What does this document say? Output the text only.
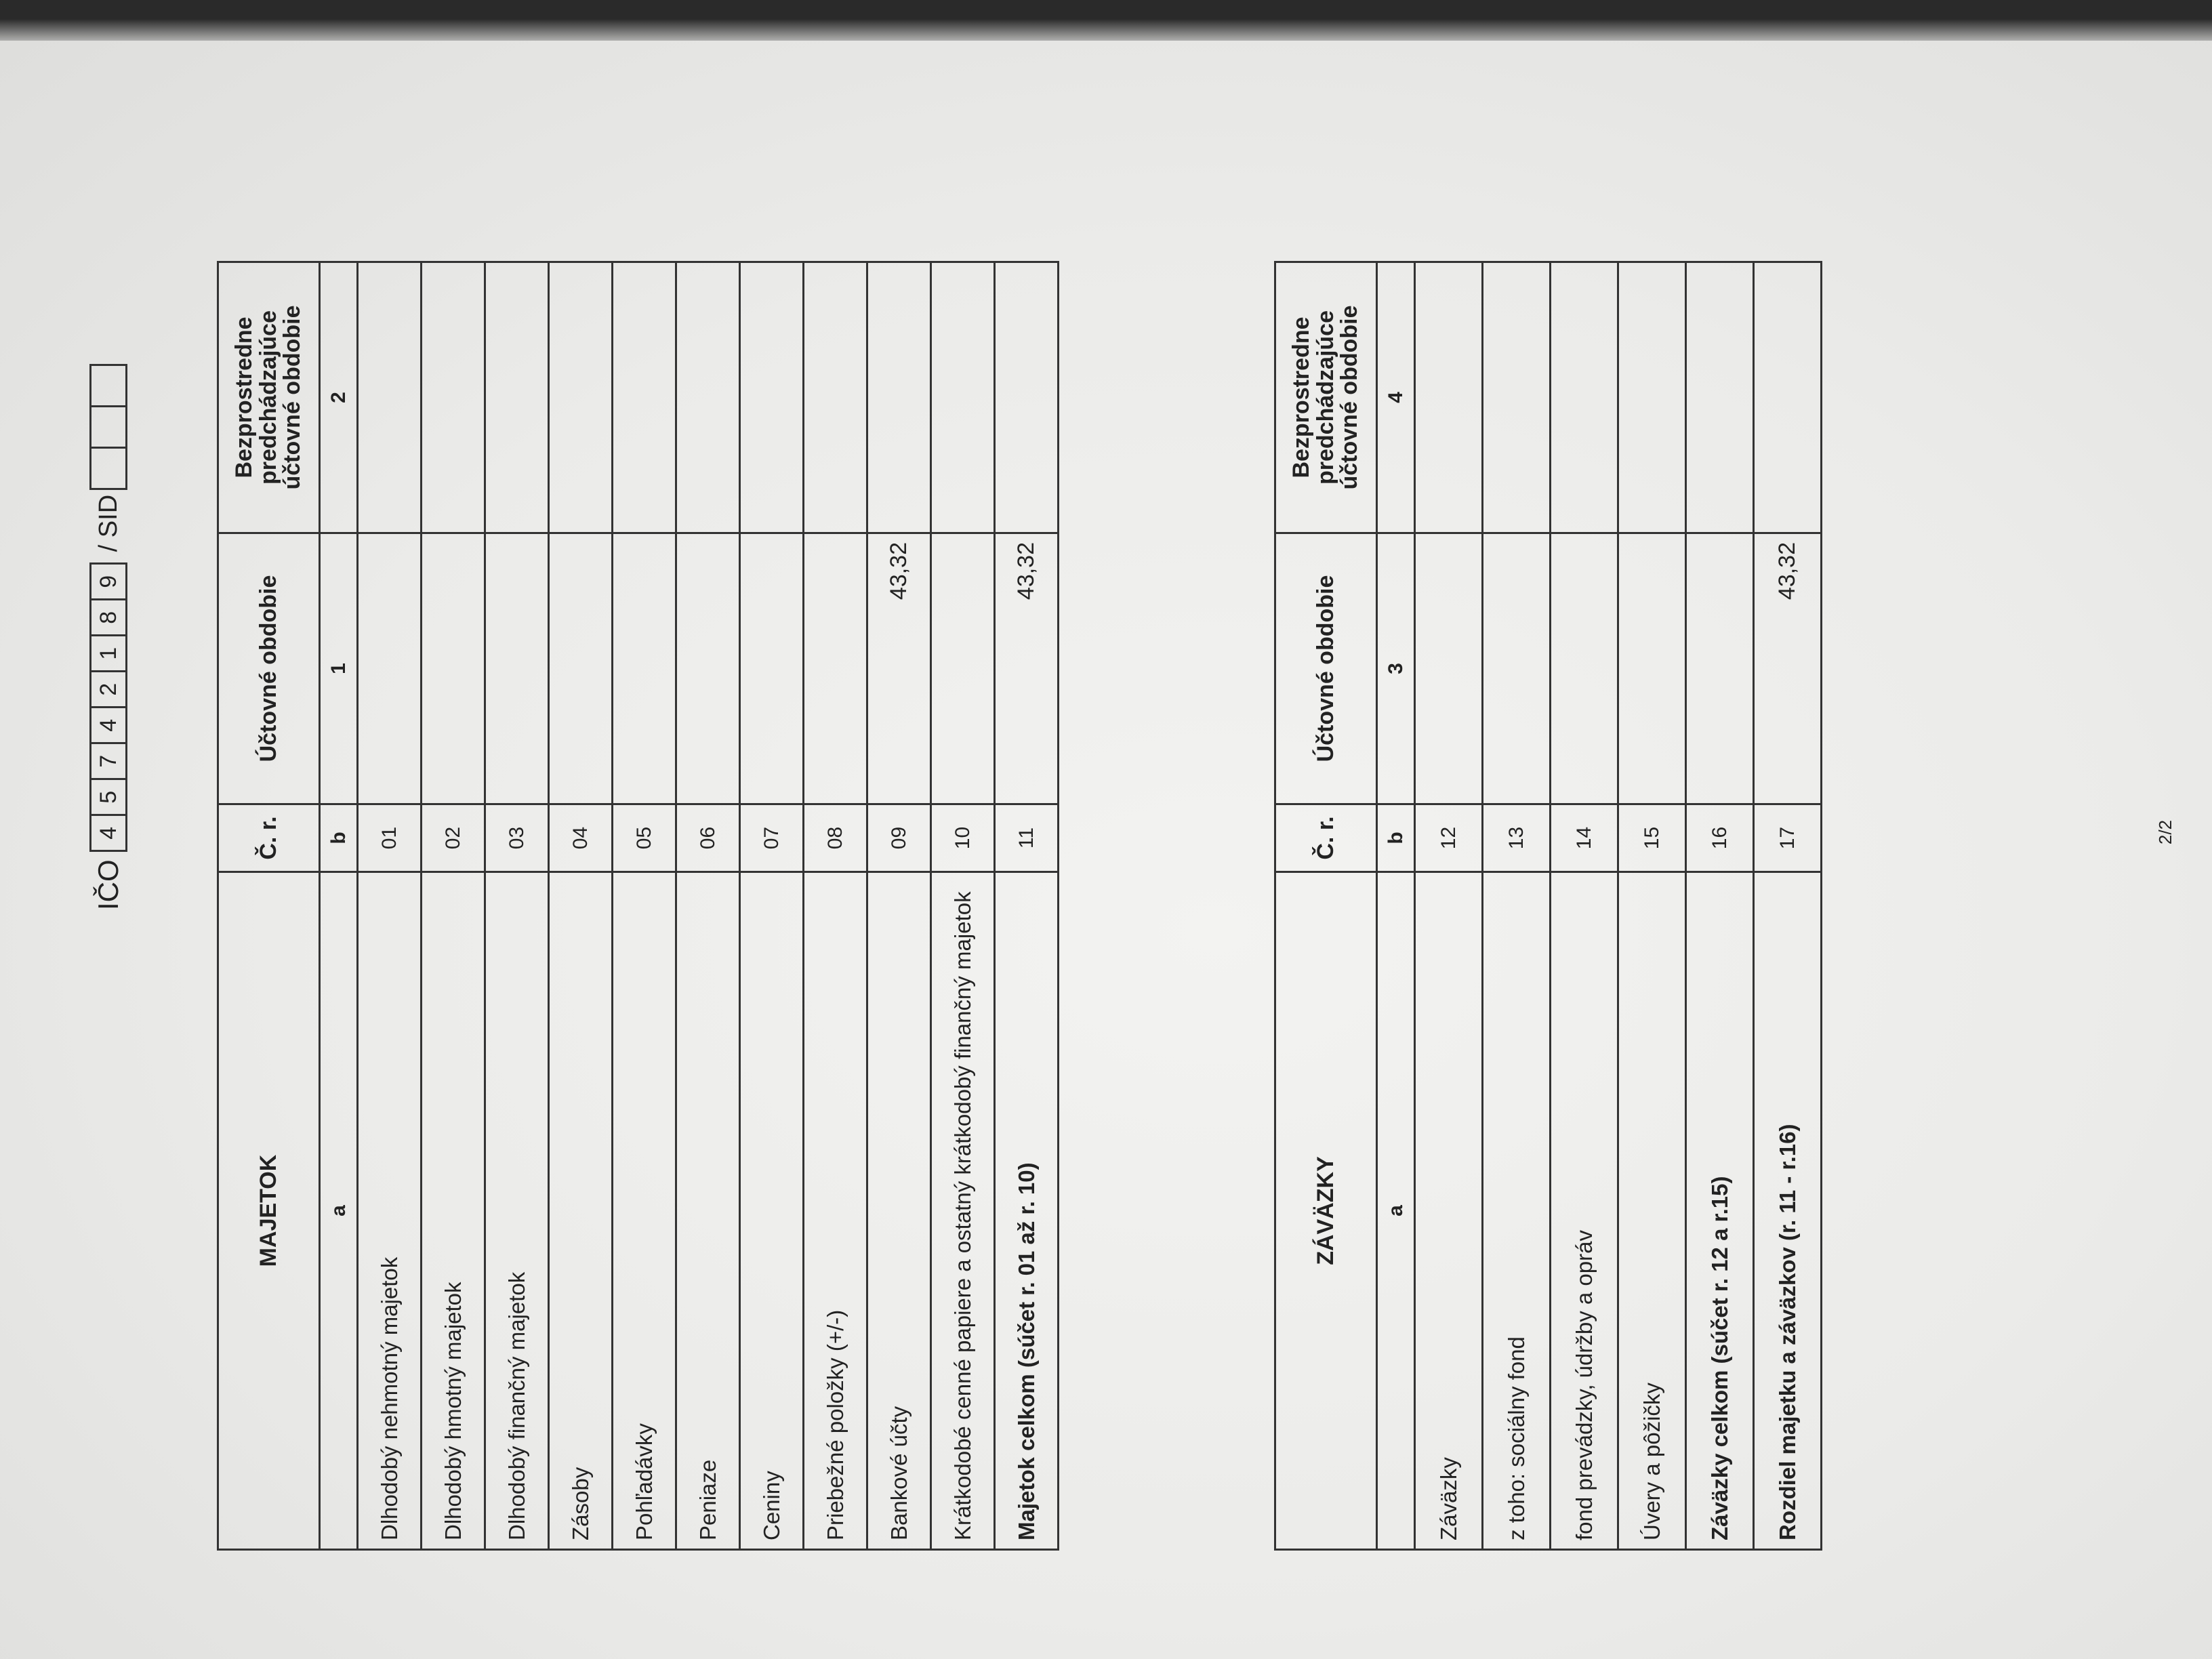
IČO
4
5
7
4
2
1
8
9
/ SID
MAJETOK	Č. r.	Účtovné obdobie	Bezprostredne predchádzajúce účtovné obdobie
a	b	1	2
Dlhodobý nehmotný majetok	01		
Dlhodobý hmotný majetok	02		
Dlhodobý finančný majetok	03		
Zásoby	04		
Pohľadávky	05		
Peniaze	06		
Ceniny	07		
Priebežné položky (+/-)	08		
Bankové účty	09	43,32	
Krátkodobé cenné papiere a ostatný krátkodobý finančný majetok	10		
Majetok celkom (súčet r. 01 až r. 10)	11	43,32	
ZÁVÄZKY	Č. r.	Účtovné obdobie	Bezprostredne predchádzajúce účtovné obdobie
a	b	3	4
Záväzky	12		
z toho: sociálny fond	13		
fond prevádzky, údržby a opráv	14		
Úvery a pôžičky	15		
Záväzky celkom (súčet r. 12 a r.15)	16		
Rozdiel majetku a záväzkov (r. 11 - r.16)	17	43,32	
2/2
